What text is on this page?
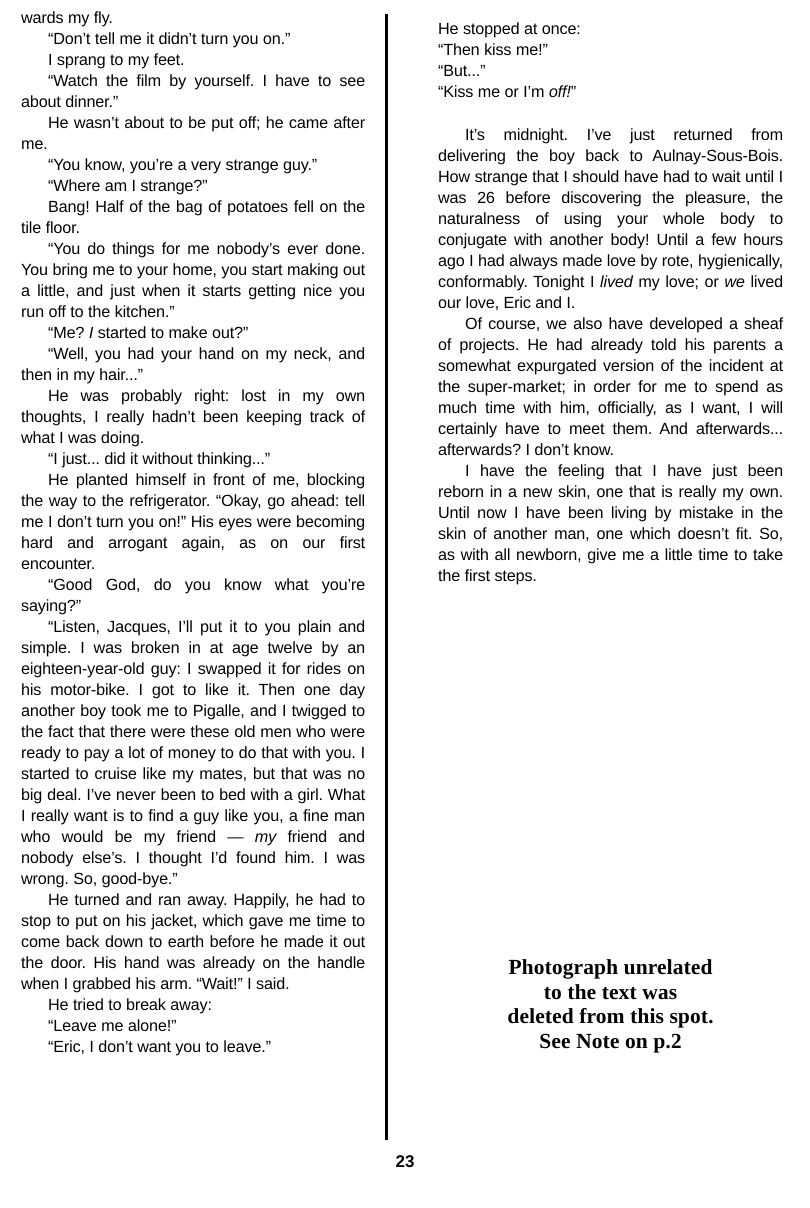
wards my fly.

“Don’t tell me it didn’t turn you on.”

I sprang to my feet.

“Watch the film by yourself. I have to see about dinner.”

He wasn’t about to be put off; he came after me.

“You know, you’re a very strange guy.”

“Where am I strange?”

Bang! Half of the bag of potatoes fell on the tile floor.

“You do things for me nobody’s ever done. You bring me to your home, you start making out a little, and just when it starts getting nice you run off to the kitchen.”

“Me? I started to make out?”

“Well, you had your hand on my neck, and then in my hair...”

He was probably right: lost in my own thoughts, I really hadn’t been keeping track of what I was doing.

“I just... did it without thinking...”

He planted himself in front of me, blocking the way to the refrigerator. “Okay, go ahead: tell me I don’t turn you on!” His eyes were becoming hard and arrogant again, as on our first encounter.

“Good God, do you know what you’re saying?”

“Listen, Jacques, I’ll put it to you plain and simple. I was broken in at age twelve by an eighteen-year-old guy: I swapped it for rides on his motor-bike. I got to like it. Then one day another boy took me to Pigalle, and I twigged to the fact that there were these old men who were ready to pay a lot of money to do that with you. I started to cruise like my mates, but that was no big deal. I’ve never been to bed with a girl. What I really want is to find a guy like you, a fine man who would be my friend — my friend and nobody else’s. I thought I’d found him. I was wrong. So, good-bye.”

He turned and ran away. Happily, he had to stop to put on his jacket, which gave me time to come back down to earth before he made it out the door. His hand was already on the handle when I grabbed his arm. “Wait!” I said.

He tried to break away:

“Leave me alone!”

“Eric, I don’t want you to leave.”

He stopped at once:

“Then kiss me!”

“But...”

“Kiss me or I’m off!”

It’s midnight. I’ve just returned from delivering the boy back to Aulnay-Sous-Bois. How strange that I should have had to wait until I was 26 before discovering the pleasure, the naturalness of using your whole body to conjugate with another body! Until a few hours ago I had always made love by rote, hygienically, conformably. Tonight I lived my love; or we lived our love, Eric and I.

Of course, we also have developed a sheaf of projects. He had already told his parents a somewhat expurgated version of the incident at the super-market; in order for me to spend as much time with him, officially, as I want, I will certainly have to meet them. And afterwards... afterwards? I don’t know.

I have the feeling that I have just been reborn in a new skin, one that is really my own. Until now I have been living by mistake in the skin of another man, one which doesn’t fit. So, as with all newborn, give me a little time to take the first steps.

Photograph unrelated
to the text was
deleted from this spot.
See Note on p.2
23
